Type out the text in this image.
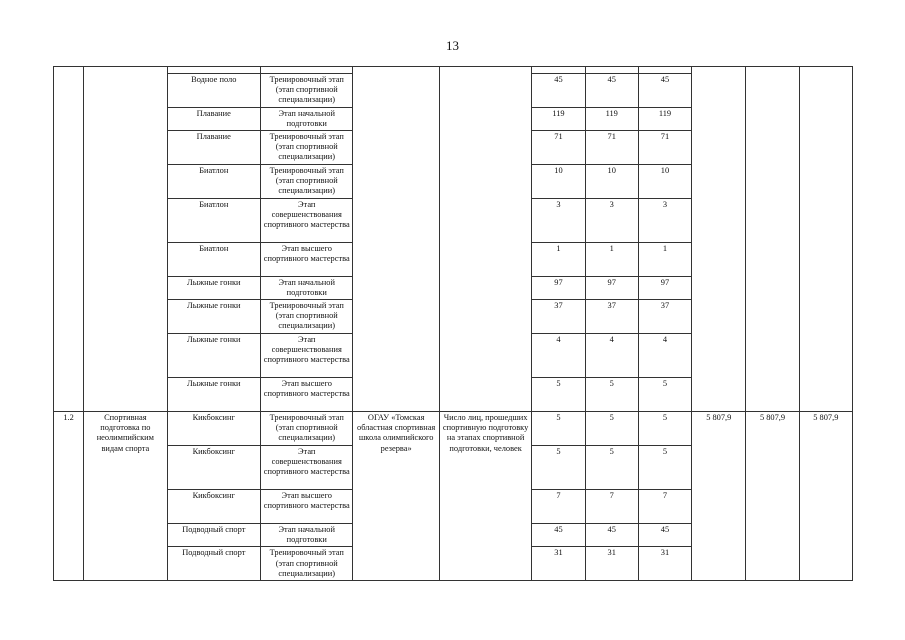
13

		Водное поло	Тренировочный этап (этап спортивной специализации)			45	45	45			
		Плавание	Этап начальной подготовки			119	119	119			
		Плавание	Тренировочный этап (этап спортивной специализации)			71	71	71			
		Биатлон	Тренировочный этап (этап спортивной специализации)			10	10	10			
		Биатлон	Этап совершенствования спортивного мастерства			3	3	3			
		Биатлон	Этап высшего спортивного мастерства			1	1	1			
		Лыжные гонки	Этап начальной подготовки			97	97	97			
		Лыжные гонки	Тренировочный этап (этап спортивной специализации)			37	37	37			
		Лыжные гонки	Этап совершенствования спортивного мастерства			4	4	4			
		Лыжные гонки	Этап высшего спортивного мастерства			5	5	5			
1.2	Спортивная подготовка по неолимпийским видам спорта	Кикбоксинг	Тренировочный этап (этап спортивной специализации)	ОГАУ «Томская областная спортивная школа олимпийского резерва»	Число лиц, прошедших спортивную подготовку на этапах спортивной подготовки, человек	5	5	5	5 807,9	5 807,9	5 807,9
		Кикбоксинг	Этап совершенствования спортивного мастерства			5	5	5			
		Кикбоксинг	Этап высшего спортивного мастерства			7	7	7			
		Подводный спорт	Этап начальной подготовки			45	45	45			
		Подводный спорт	Тренировочный этап (этап спортивной специализации)			31	31	31			
